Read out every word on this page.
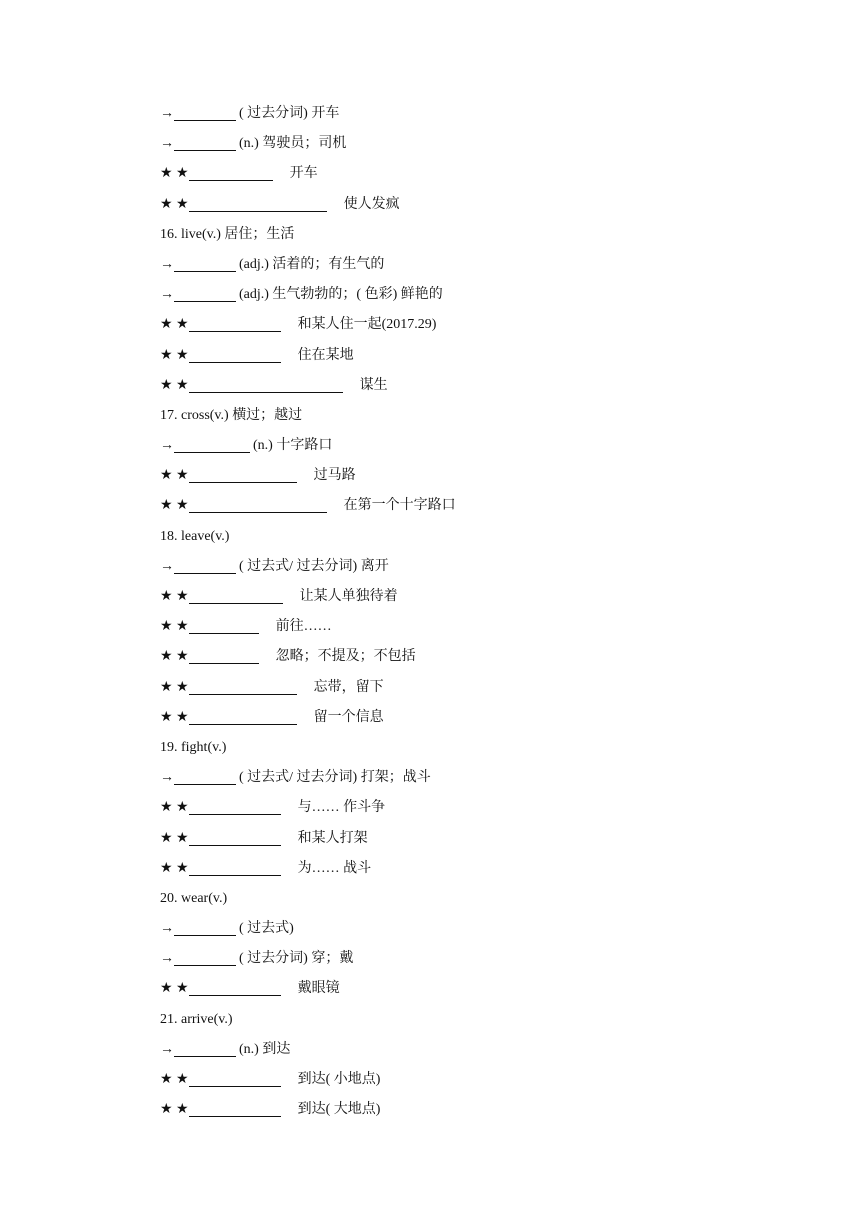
→	( 过去分词) 开车
→	(n.) 驾驶员；司机
★ ★	开车
★ ★	使人发疯
16. live(v.) 居住；生活
→	(adj.) 活着的；有生气的
→	(adj.) 生气勃勃的；( 色彩) 鲜艳的
★ ★	和某人住一起(2017.29)
★ ★	住在某地
★ ★	谋生
17. cross(v.) 横过；越过
→	(n.) 十字路口
★ ★	过马路
★ ★	在第一个十字路口
18. leave(v.)
→	( 过去式/ 过去分词) 离开
★ ★	让某人单独待着
★ ★	前往……
★ ★	忽略；不提及；不包括
★ ★	忘带，留下
★ ★	留一个信息
19. fight(v.)
→	( 过去式/ 过去分词) 打架；战斗
★ ★	与…… 作斗争
★ ★	和某人打架
★ ★	为…… 战斗
20. wear(v.)
→	( 过去式)
→	( 过去分词) 穿；戴
★ ★	戴眼镜
21. arrive(v.)
→	(n.) 到达
★ ★	到达( 小地点)
★ ★	到达( 大地点)
